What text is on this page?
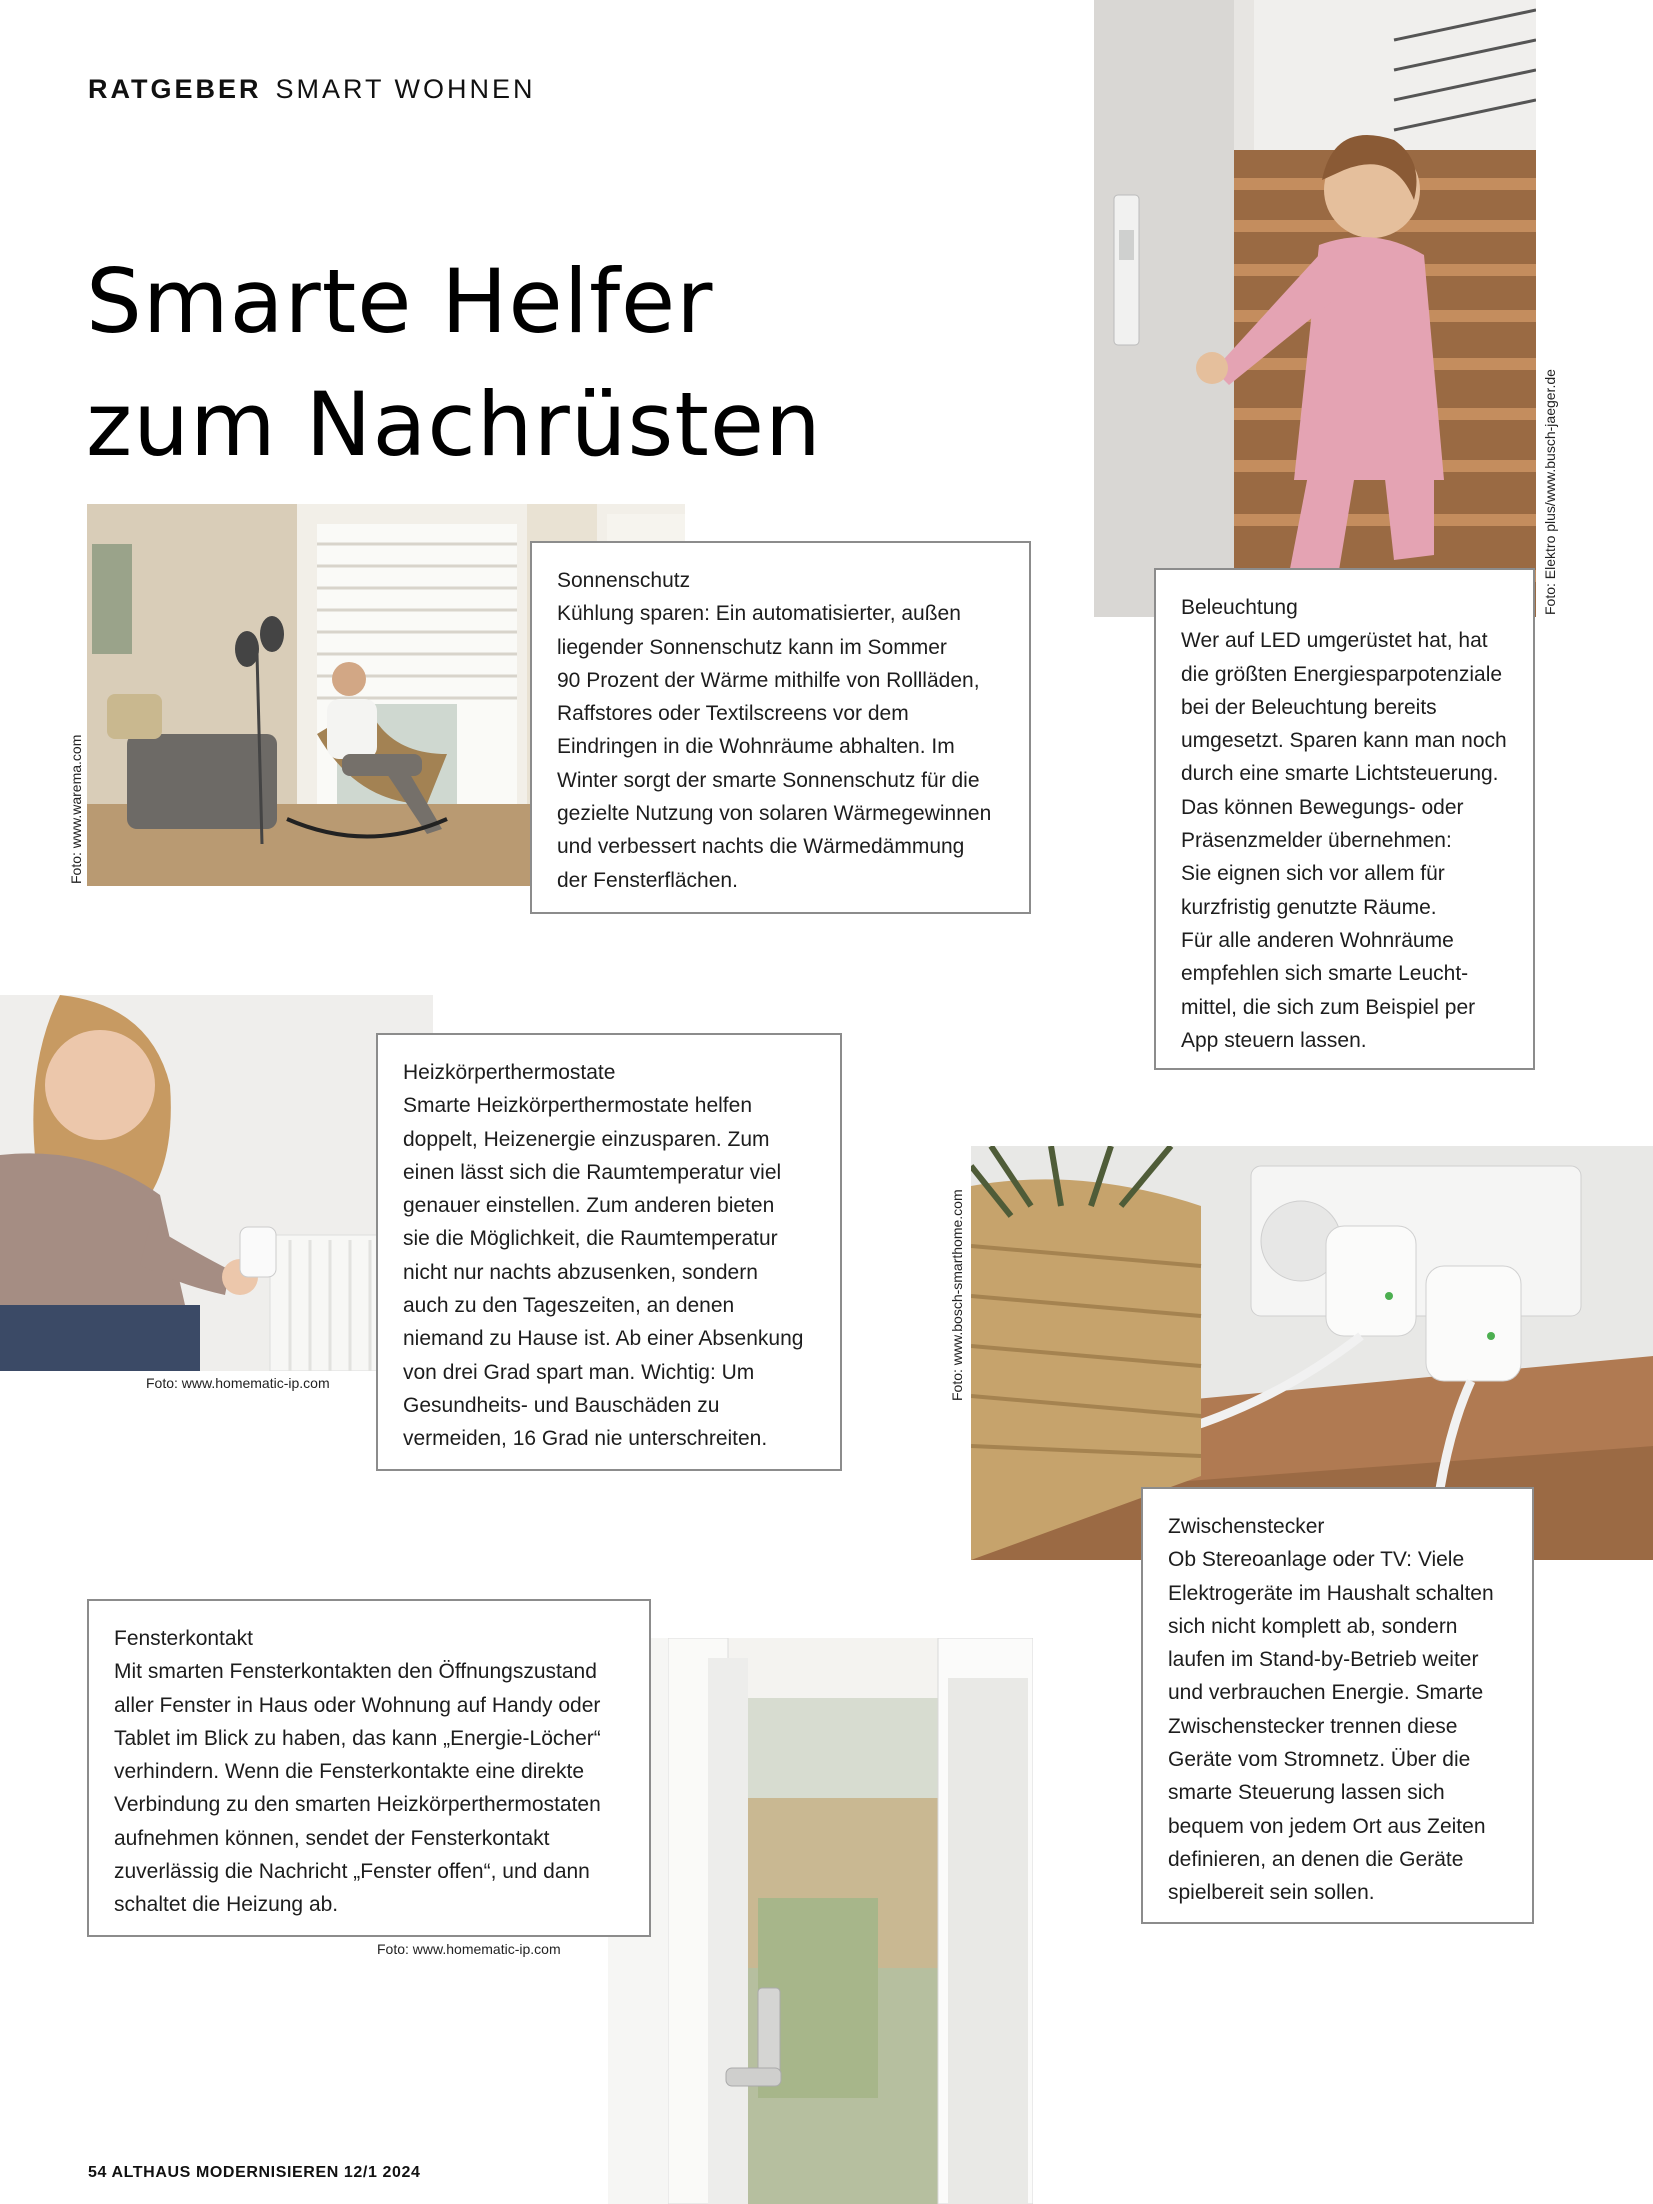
RATGEBER SMART WOHNEN
Smarte Helfer
zum Nachrüsten
Foto: www.warema.com
Foto: Elektro plus/www.busch-jaeger.de
Foto: www.homematic-ip.com	Foto: www.bosch-smarthome.com
Foto: www.homematic-ip.com
Sonnenschutz
Kühlung sparen: Ein automatisierter, außen
liegender Sonnenschutz kann im Sommer
90 Prozent der Wärme mithilfe von Rollläden,
Raffstores oder Textilscreens vor dem
Eindringen in die Wohnräume abhalten. Im
Winter sorgt der smarte Sonnenschutz für die
gezielte Nutzung von solaren Wärmegewinnen
und verbessert nachts die Wärmedämmung
der Fensterflächen.
Beleuchtung
Wer auf LED umgerüstet hat, hat
die größten Energiesparpotenziale
bei der Beleuchtung bereits
umgesetzt. Sparen kann man noch
durch eine smarte Lichtsteuerung.
Das können Bewegungs- oder
Präsenzmelder übernehmen:
Sie eignen sich vor allem für
kurzfristig genutzte Räume.
Für alle anderen Wohnräume
empfehlen sich smarte Leucht-
mittel, die sich zum Beispiel per
App steuern lassen.
Heizkörperthermostate
Smarte Heizkörperthermostate helfen
doppelt, Heizenergie einzusparen. Zum
einen lässt sich die Raumtemperatur viel
genauer einstellen. Zum anderen bieten
sie die Möglichkeit, die Raumtemperatur
nicht nur nachts abzusenken, sondern
auch zu den Tageszeiten, an denen
niemand zu Hause ist. Ab einer Absenkung
von drei Grad spart man. Wichtig: Um
Gesundheits- und Bauschäden zu
vermeiden, 16 Grad nie unterschreiten.
Zwischenstecker
Ob Stereoanlage oder TV: Viele
Elektrogeräte im Haushalt schalten
sich nicht komplett ab, sondern
laufen im Stand-by-Betrieb weiter
und verbrauchen Energie. Smarte
Zwischenstecker trennen diese
Geräte vom Stromnetz. Über die
smarte Steuerung lassen sich
bequem von jedem Ort aus Zeiten
definieren, an denen die Geräte
spielbereit sein sollen.
Fensterkontakt
Mit smarten Fensterkontakten den Öffnungszustand
aller Fenster in Haus oder Wohnung auf Handy oder
Tablet im Blick zu haben, das kann „Energie-Löcher“
verhindern. Wenn die Fensterkontakte eine direkte
Verbindung zu den smarten Heizkörperthermostaten
aufnehmen können, sendet der Fensterkontakt
zuverlässig die Nachricht „Fenster offen“, und dann
schaltet die Heizung ab.
54 ALTHAUS MODERNISIEREN 12/1 2024
